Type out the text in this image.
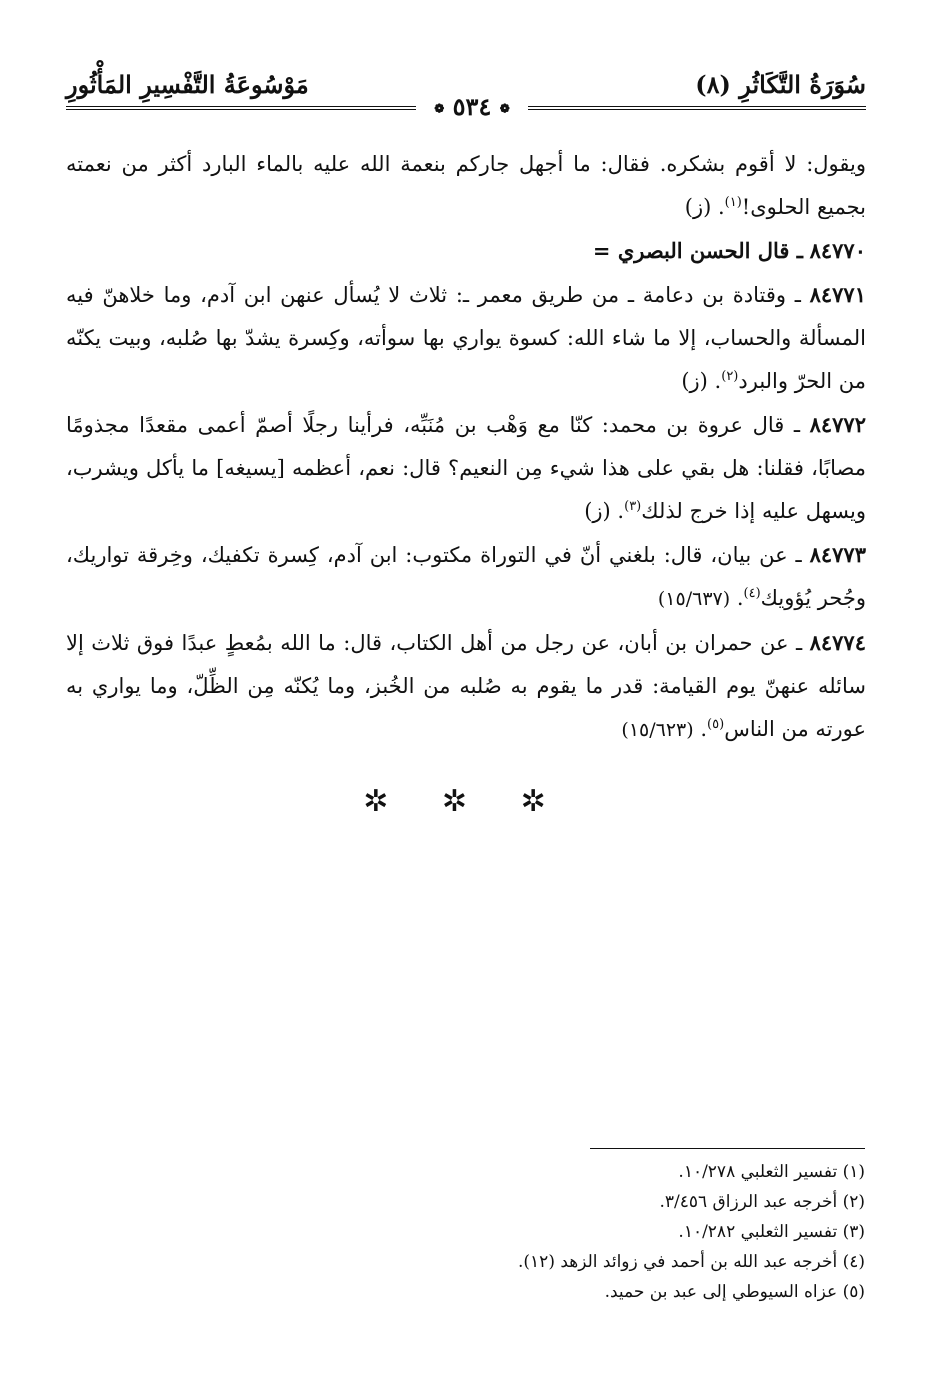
سُوَرَةُ التَّكَاثُرِ (٨)
مَوْسُوعَةُ التَّفْسِيرِ المَأْثُورِ
❁ ٥٣٤ ❁

ويقول: لا أقوم بشكره. فقال: ما أجهل جاركم بنعمة الله عليه بالماء البارد أكثر من نعمته بجميع الحلوى!$^{(١)}$. (ز)

٨٤٧٧٠ ـ قال الحسن البصري =

٨٤٧٧١ ـ وقتادة بن دعامة ـ من طريق معمر ـ: ثلاث لا يُسأل عنهن ابن آدم، وما خلاهنّ فيه المسألة والحساب، إلا ما شاء الله: كسوة يواري بها سوأته، وكِسرة يشدّ بها صُلبه، وبيت يكنّه من الحرّ والبرد$^{(٢)}$. (ز)

٨٤٧٧٢ ـ قال عروة بن محمد: كنّا مع وَهْب بن مُنَبِّه، فرأينا رجلًا أصمّ أعمى مقعدًا مجذومًا مصابًا، فقلنا: هل بقي على هذا شيء مِن النعيم؟ قال: نعم، أعظمه [يسيغه] ما يأكل ويشرب، ويسهل عليه إذا خرج لذلك$^{(٣)}$. (ز)

٨٤٧٧٣ ـ عن بيان، قال: بلغني أنّ في التوراة مكتوب: ابن آدم، كِسرة تكفيك، وخِرقة تواريك، وجُحر يُؤويك$^{(٤)}$. (١٥/٦٣٧)

٨٤٧٧٤ ـ عن حمران بن أبان، عن رجل من أهل الكتاب، قال: ما الله بمُعطٍ عبدًا فوق ثلاث إلا سائله عنهنّ يوم القيامة: قدر ما يقوم به صُلبه من الخُبز، وما يُكنّه مِن الظِّلّ، وما يواري به عورته من الناس$^{(٥)}$. (١٥/٦٢٣)

✲ ✲ ✲
(١) تفسير الثعلبي ١٠/٢٧٨.
(٢) أخرجه عبد الرزاق ٣/٤٥٦.
(٣) تفسير الثعلبي ١٠/٢٨٢.
(٤) أخرجه عبد الله بن أحمد في زوائد الزهد (١٢).
(٥) عزاه السيوطي إلى عبد بن حميد.
